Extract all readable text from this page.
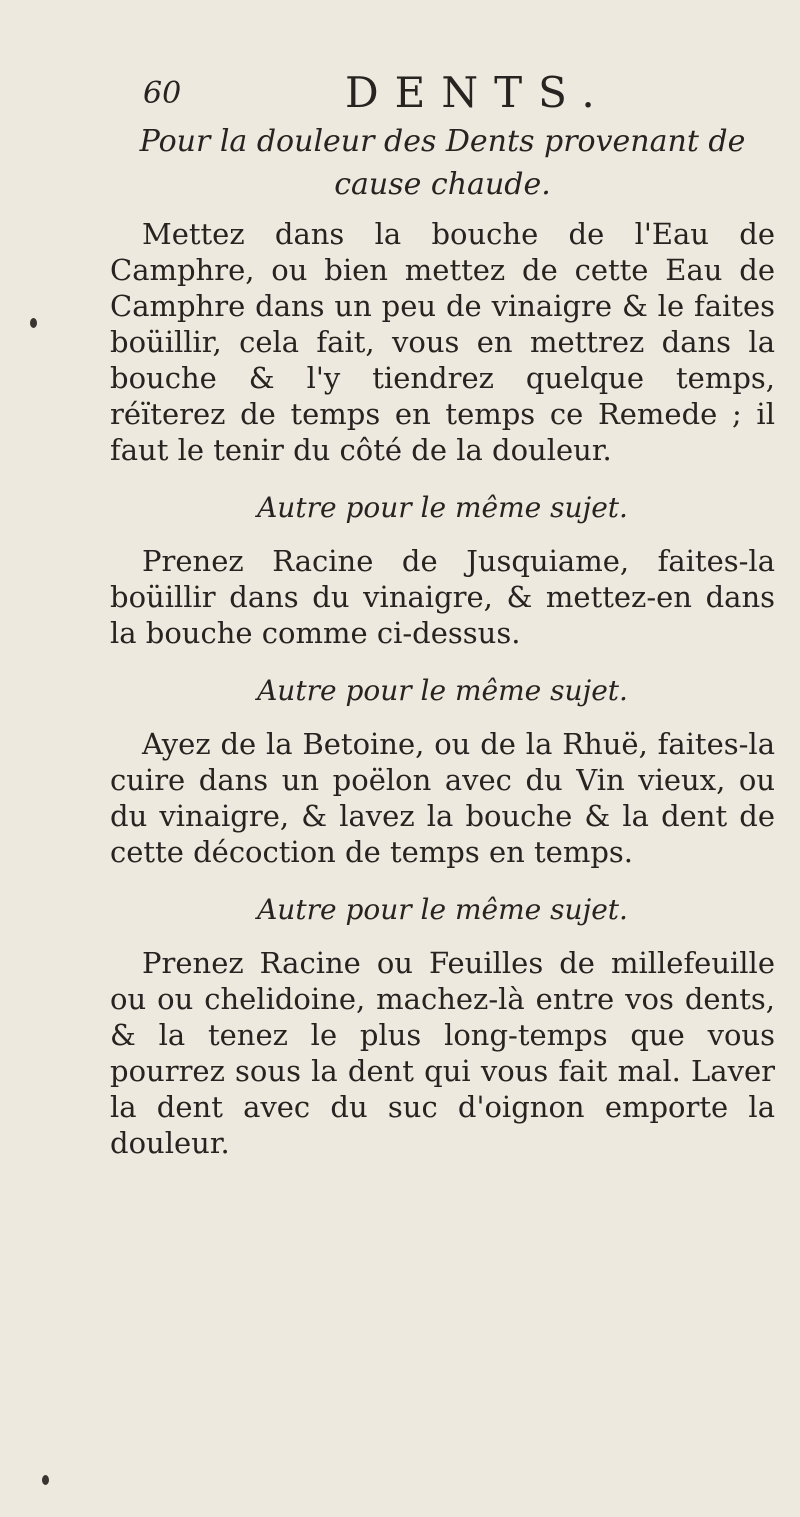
60	DENTS.

Pour la douleur des Dents provenant de cause chaude.

Mettez dans la bouche de l'Eau de Camphre, ou bien mettez de cette Eau de Camphre dans un peu de vinaigre & le faites boüillir, cela fait, vous en mettrez dans la bouche & l'y tiendrez quelque temps, réïterez de temps en temps ce Remede ; il faut le tenir du côté de la douleur.

Autre pour le même sujet.

Prenez Racine de Jusquiame, faites-la boüillir dans du vinaigre, & mettez-en dans la bouche comme ci-dessus.

Autre pour le même sujet.

Ayez de la Betoine, ou de la Rhuë, faites-la cuire dans un poëlon avec du Vin vieux, ou du vinaigre, & lavez la bouche & la dent de cette décoction de temps en temps.

Autre pour le même sujet.

Prenez Racine ou Feuilles de millefeuille ou ou chelidoine, machez-là entre vos dents, & la tenez le plus long-temps que vous pourrez sous la dent qui vous fait mal. Laver la dent avec du suc d'oignon emporte la douleur.
